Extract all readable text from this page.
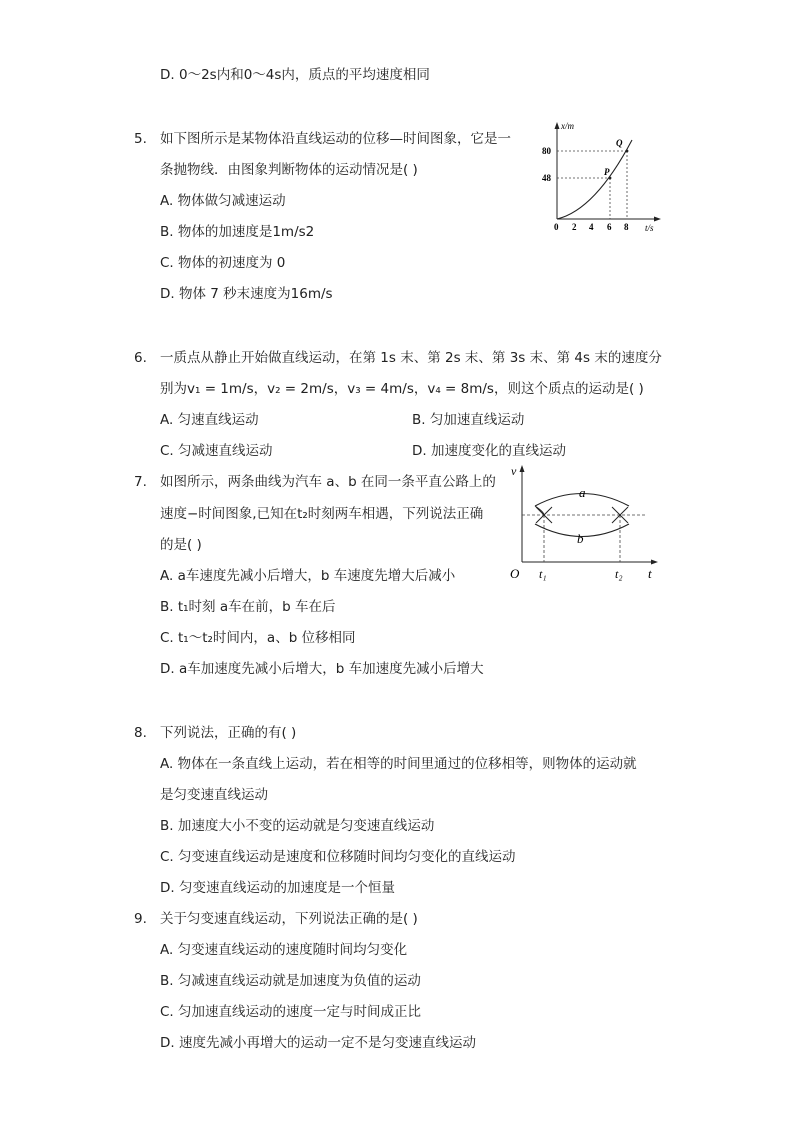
D. 0～2s内和0～4s内，质点的平均速度相同
5. 如下图所示是某物体沿直线运动的位移—时间图象，它是一
条抛物线．由图象判断物体的运动情况是( )
A. 物体做匀减速运动
B. 物体的加速度是1m/s2
C. 物体的初速度为 0
D. 物体 7 秒末速度为16m/s
x/m
t/s
80
48
0 2 4 6 8
P
Q
6. 一质点从静止开始做直线运动，在第 1s 末、第 2s 末、第 3s 末、第 4s 末的速度分
别为v₁ = 1m/s，v₂ = 2m/s，v₃ = 4m/s，v₄ = 8m/s，则这个质点的运动是( )
A. 匀速直线运动	B. 匀加速直线运动
C. 匀减速直线运动	D. 加速度变化的直线运动
7. 如图所示，两条曲线为汽车 a、b 在同一条平直公路上的
速度−时间图象,已知在t₂时刻两车相遇，下列说法正确
的是( )
A. a车速度先减小后增大，b 车速度先增大后减小
B. t₁时刻 a车在前，b 车在后
C. t₁～t₂时间内，a、b 位移相同
D. a车加速度先减小后增大，b 车加速度先减小后增大
v
t
O
a
b
t₁	t₂
8. 下列说法，正确的有( )
A. 物体在一条直线上运动，若在相等的时间里通过的位移相等，则物体的运动就
是匀变速直线运动
B. 加速度大小不变的运动就是匀变速直线运动
C. 匀变速直线运动是速度和位移随时间均匀变化的直线运动
D. 匀变速直线运动的加速度是一个恒量
9. 关于匀变速直线运动，下列说法正确的是( )
A. 匀变速直线运动的速度随时间均匀变化
B. 匀减速直线运动就是加速度为负值的运动
C. 匀加速直线运动的速度一定与时间成正比
D. 速度先减小再增大的运动一定不是匀变速直线运动
